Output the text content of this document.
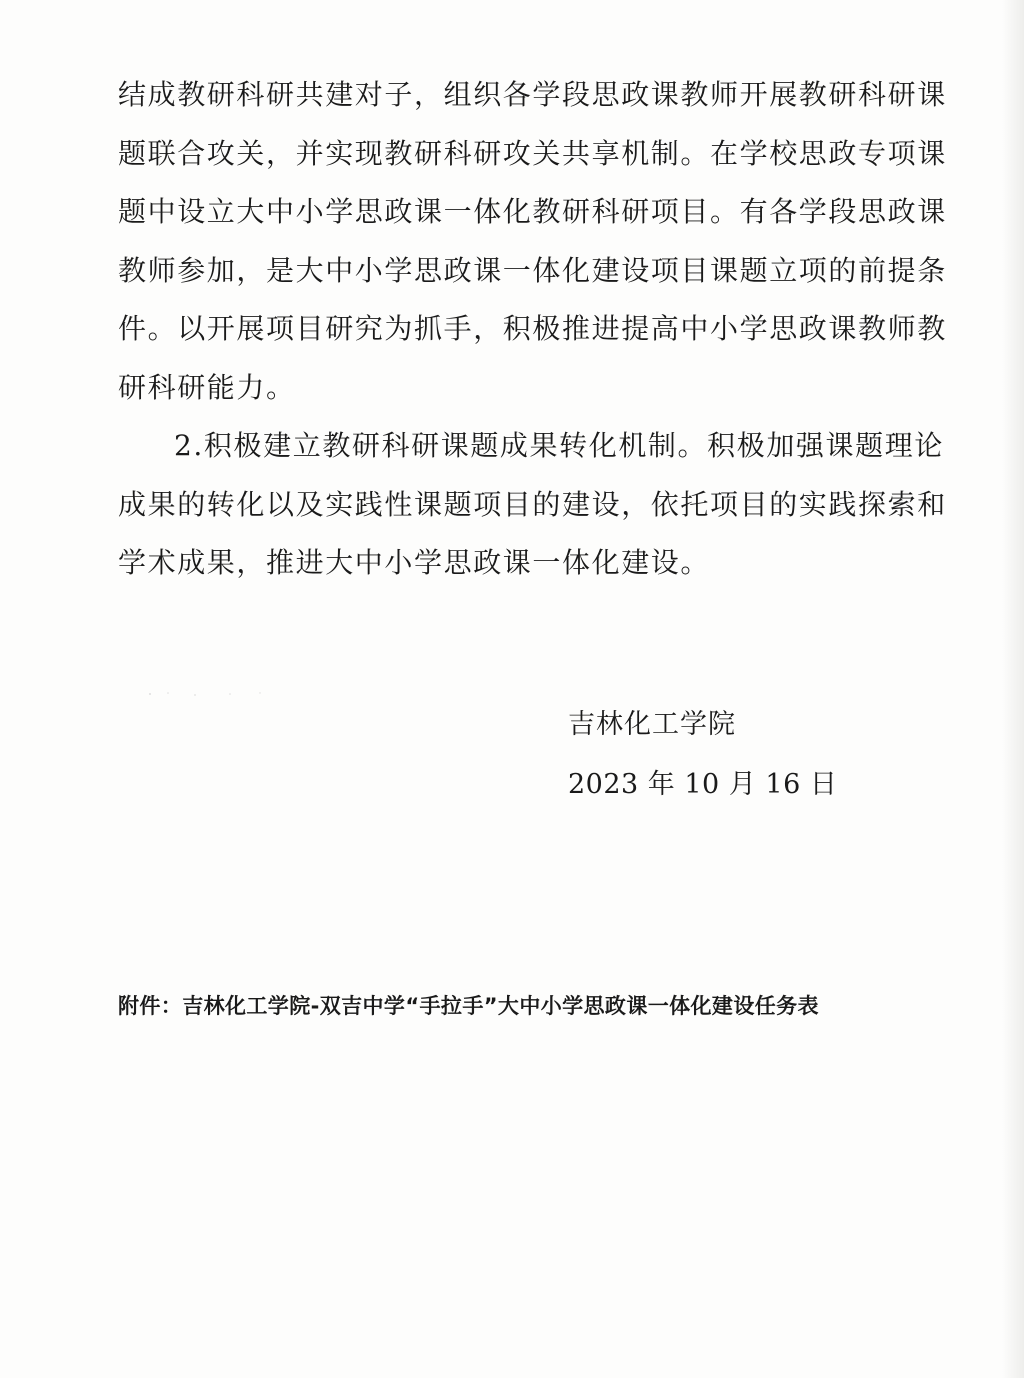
结成教研科研共建对子，组织各学段思政课教师开展教研科研课
题联合攻关，并实现教研科研攻关共享机制。在学校思政专项课
题中设立大中小学思政课一体化教研科研项目。有各学段思政课
教师参加，是大中小学思政课一体化建设项目课题立项的前提条
件。以开展项目研究为抓手，积极推进提高中小学思政课教师教
研科研能力。

2.积极建立教研科研课题成果转化机制。积极加强课题理论
成果的转化以及实践性课题项目的建设，依托项目的实践探索和
学术成果，推进大中小学思政课一体化建设。

吉林化工学院

2023 年 10 月 16 日
附件：吉林化工学院-双吉中学“手拉手”大中小学思政课一体化建设任务表
